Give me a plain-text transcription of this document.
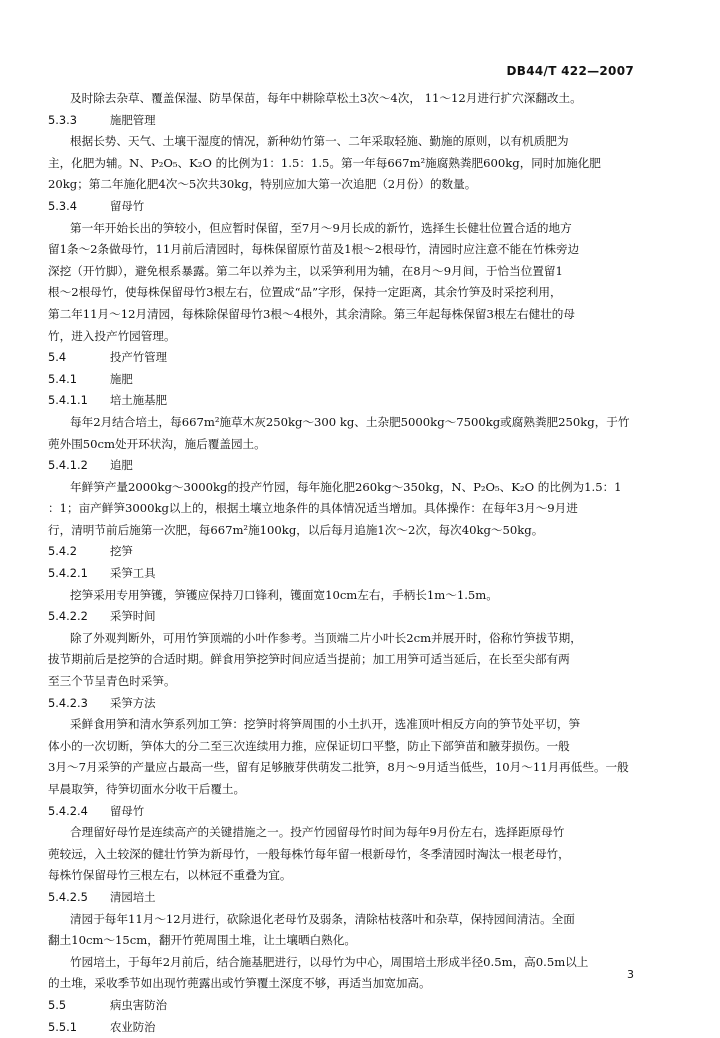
DB44/T 422—2007
及时除去杂草、覆盖保湿、防旱保苗，每年中耕除草松土3次～4次， 11～12月进行扩穴深翻改土。
5.3.3	施肥管理
根据长势、天气、土壤干湿度的情况，新种幼竹第一、二年采取轻施、勤施的原则，以有机质肥为
主，化肥为辅。N、P₂O₅、K₂O 的比例为1：1.5：1.5。第一年每667m²施腐熟粪肥600kg，同时加施化肥
20kg；第二年施化肥4次～5次共30kg，特别应加大第一次追肥（2月份）的数量。
5.3.4	留母竹
第一年开始长出的笋较小，但应暂时保留，至7月～9月长成的新竹，选择生长健壮位置合适的地方
留1条～2条做母竹，11月前后清园时，每株保留原竹苗及1根～2根母竹，清园时应注意不能在竹株旁边
深挖（开竹脚），避免根系暴露。第二年以养为主，以采笋利用为辅，在8月～9月间，于恰当位置留1
根～2根母竹，使每株保留母竹3根左右，位置成“品”字形，保持一定距离，其余竹笋及时采挖利用，
第二年11月～12月清园，每株除保留母竹3根～4根外，其余清除。第三年起每株保留3根左右健壮的母
竹，进入投产竹园管理。
5.4	投产竹管理
5.4.1	施肥
5.4.1.1 培土施基肥
每年2月结合培土，每667m²施草木灰250kg～300 kg、土杂肥5000kg～7500kg或腐熟粪肥250kg，于竹
蔸外围50cm处开环状沟，施后覆盖园土。
5.4.1.2 追肥
年鲜笋产量2000kg～3000kg的投产竹园，每年施化肥260kg～350kg，N、P₂O₅、K₂O 的比例为1.5：1
：1；亩产鲜笋3000kg以上的，根据土壤立地条件的具体情况适当增加。具体操作：在每年3月～9月进
行，清明节前后施第一次肥，每667m²施100kg，以后每月追施1次～2次，每次40kg～50kg。
5.4.2	挖笋
5.4.2.1 采笋工具
挖笋采用专用笋镬，笋镬应保持刀口锋利，镬面宽10cm左右，手柄长1m～1.5m。
5.4.2.2 采笋时间
除了外观判断外，可用竹笋顶端的小叶作参考。当顶端二片小叶长2cm并展开时，俗称竹笋拔节期，
拔节期前后是挖笋的合适时期。鲜食用笋挖笋时间应适当提前；加工用笋可适当延后，在长至尖部有两
至三个节呈青色时采笋。
5.4.2.3 采笋方法
采鲜食用笋和清水笋系列加工笋：挖笋时将笋周围的小土扒开，选准顶叶相反方向的笋节处平切，笋
体小的一次切断，笋体大的分二至三次连续用力推，应保证切口平整，防止下部笋苗和腋芽损伤。一般
3月～7月采笋的产量应占最高一些，留有足够腋芽供萌发二批笋，8月～9月适当低些，10月～11月再低些。一般
早晨取笋，待笋切面水分收干后覆土。
5.4.2.4 留母竹
合理留好母竹是连续高产的关键措施之一。投产竹园留母竹时间为每年9月份左右，选择距原母竹
蔸较远，入土较深的健壮竹笋为新母竹，一般每株竹每年留一根新母竹，冬季清园时淘汰一根老母竹，
每株竹保留母竹三根左右，以林冠不重叠为宜。
5.4.2.5 清园培土
清园于每年11月～12月进行，砍除退化老母竹及弱条，清除枯枝落叶和杂草，保持园间清洁。全面
翻土10cm～15cm，翻开竹蔸周围土堆，让土壤晒白熟化。
竹园培土，于每年2月前后，结合施基肥进行，以母竹为中心，周围培土形成半径0.5m，高0.5m以上
的土堆，采收季节如出现竹蔸露出或竹笋覆土深度不够，再适当加宽加高。
5.5	病虫害防治
5.5.1	农业防治
3
